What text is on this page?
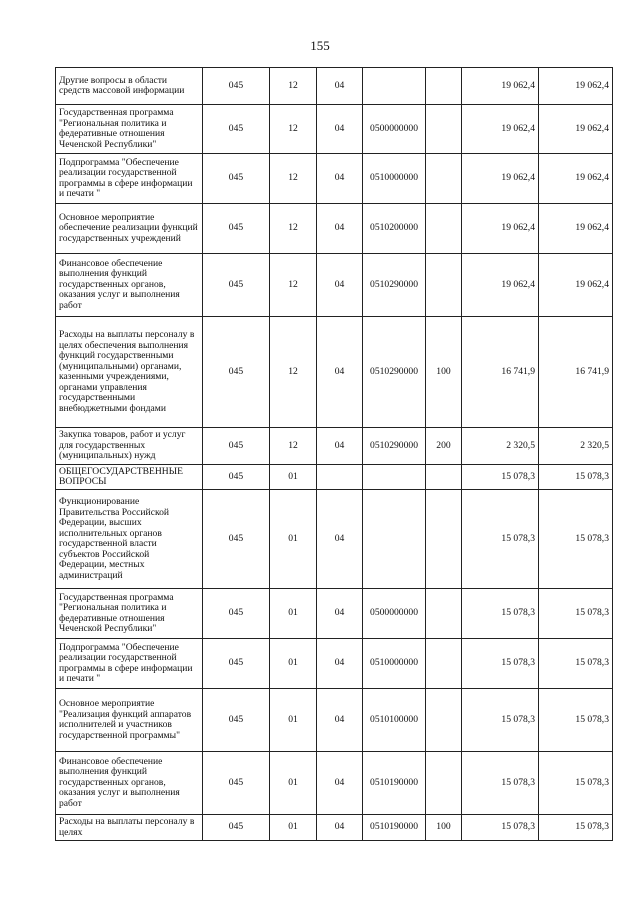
155
Другие вопросы в области средств массовой информации	045	12	04			19 062,4	19 062,4
Государственная программа "Региональная политика и федеративные отношения Чеченской Республики"	045	12	04	0500000000		19 062,4	19 062,4
Подпрограмма "Обеспечение реализации государственной программы в сфере информации и печати "	045	12	04	0510000000		19 062,4	19 062,4
Основное мероприятие обеспечение реализации функций государственных учреждений	045	12	04	0510200000		19 062,4	19 062,4
Финансовое обеспечение выполнения функций государственных органов, оказания услуг и выполнения работ	045	12	04	0510290000		19 062,4	19 062,4
Расходы на выплаты персоналу в целях обеспечения выполнения функций государственными (муниципальными) органами, казенными учреждениями, органами управления государственными внебюджетными фондами	045	12	04	0510290000	100	16 741,9	16 741,9
Закупка товаров, работ и услуг для государственных (муниципальных) нужд	045	12	04	0510290000	200	2 320,5	2 320,5
ОБЩЕГОСУДАРСТВЕННЫЕ ВОПРОСЫ	045	01				15 078,3	15 078,3
Функционирование Правительства Российской Федерации, высших исполнительных органов государственной власти субъектов Российской Федерации, местных администраций	045	01	04			15 078,3	15 078,3
Государственная программа "Региональная политика и федеративные отношения Чеченской Республики"	045	01	04	0500000000		15 078,3	15 078,3
Подпрограмма "Обеспечение реализации государственной программы в сфере информации и печати "	045	01	04	0510000000		15 078,3	15 078,3
Основное мероприятие "Реализация функций аппаратов исполнителей и участников государственной программы"	045	01	04	0510100000		15 078,3	15 078,3
Финансовое обеспечение выполнения функций государственных органов, оказания услуг и выполнения работ	045	01	04	0510190000		15 078,3	15 078,3
Расходы на выплаты персоналу в целях	045	01	04	0510190000	100	15 078,3	15 078,3
